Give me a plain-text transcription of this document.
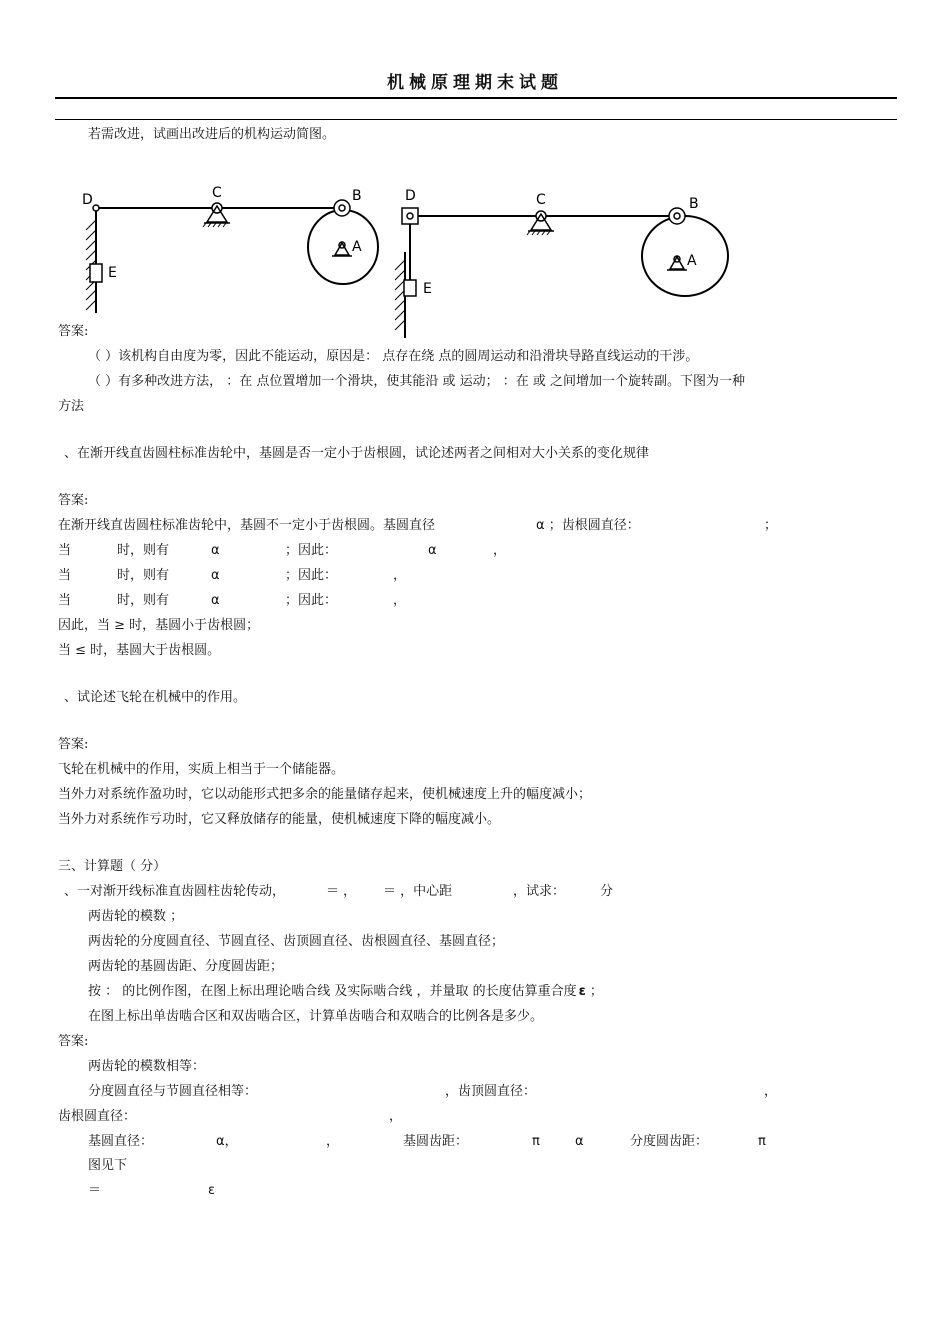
机械原理期末试题
若需改进，试画出改进后的机构运动简图。
E
D	C	B
A
E
D	C	B
A
答案:
（ ）该机构自由度为零，因此不能运动，原因是： 点存在绕 点的圆周运动和沿滑块导路直线运动的干涉。
（ ）有多种改进方法， ：在 点位置增加一个滑块，使其能沿 或 运动； ：在 或 之间增加一个旋转副。下图为一种
方法
、在渐开线直齿圆柱标准齿轮中，基圆是否一定小于齿根圆，试论述两者之间相对大小关系的变化规律
答案:
在渐开线直齿圆柱标准齿轮中，基圆不一定小于齿根圆。基圆直径	α ；齿根圆直径：	；
当	时，则有	α	；因此：	α	，
当	时，则有	α	；因此：	，
当	时，则有	α	；因此：	，
因此，当 ≥ 时，基圆小于齿根圆；
当 ≤ 时，基圆大于齿根圆。
、试论述飞轮在机械中的作用。
答案:
飞轮在机械中的作用，实质上相当于一个储能器。
当外力对系统作盈功时，它以动能形式把多余的能量储存起来，使机械速度上升的幅度减小；
当外力对系统作亏功时，它又释放储存的能量，使机械速度下降的幅度减小。
三、计算题（ 分）
、一对渐开线标准直齿圆柱齿轮传动，	＝ ， ＝ ，中心距	，试求：	分
两齿轮的模数 ；
两齿轮的分度圆直径、节圆直径、齿顶圆直径、齿根圆直径、基圆直径；
两齿轮的基圆齿距、分度圆齿距；
按 ： 的比例作图，在图上标出理论啮合线 及实际啮合线 ，并量取 的长度估算重合度 ε ；
在图上标出单齿啮合区和双齿啮合区，计算单齿啮合和双啮合的比例各是多少。
答案:
两齿轮的模数相等：
分度圆直径与节圆直径相等：	，齿顶圆直径：	，
齿根圆直径：	，
基圆直径：	α，	，	基圆齿距：	π	α	分度圆齿距：	π
图见下
＝	ε
